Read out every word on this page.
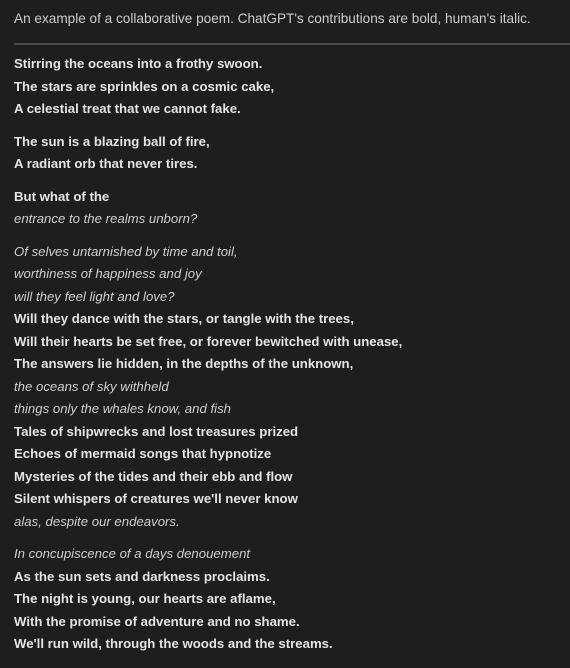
An example of a collaborative poem. ChatGPT's contributions are bold, human's italic.
Stirring the oceans into a frothy swoon.
The stars are sprinkles on a cosmic cake,
A celestial treat that we cannot fake.
The sun is a blazing ball of fire,
A radiant orb that never tires.
But what of the
entrance to the realms unborn?
Of selves untarnished by time and toil,
worthiness of happiness and joy
will they feel light and love?
Will they dance with the stars, or tangle with the trees,
Will their hearts be set free, or forever bewitched with unease,
The answers lie hidden, in the depths of the unknown,
the oceans of sky withheld
things only the whales know, and fish
Tales of shipwrecks and lost treasures prized
Echoes of mermaid songs that hypnotize
Mysteries of the tides and their ebb and flow
Silent whispers of creatures we'll never know
alas, despite our endeavors.
In concupiscence of a days denouement
As the sun sets and darkness proclaims.
The night is young, our hearts are aflame,
With the promise of adventure and no shame.
We'll run wild, through the woods and the streams.
